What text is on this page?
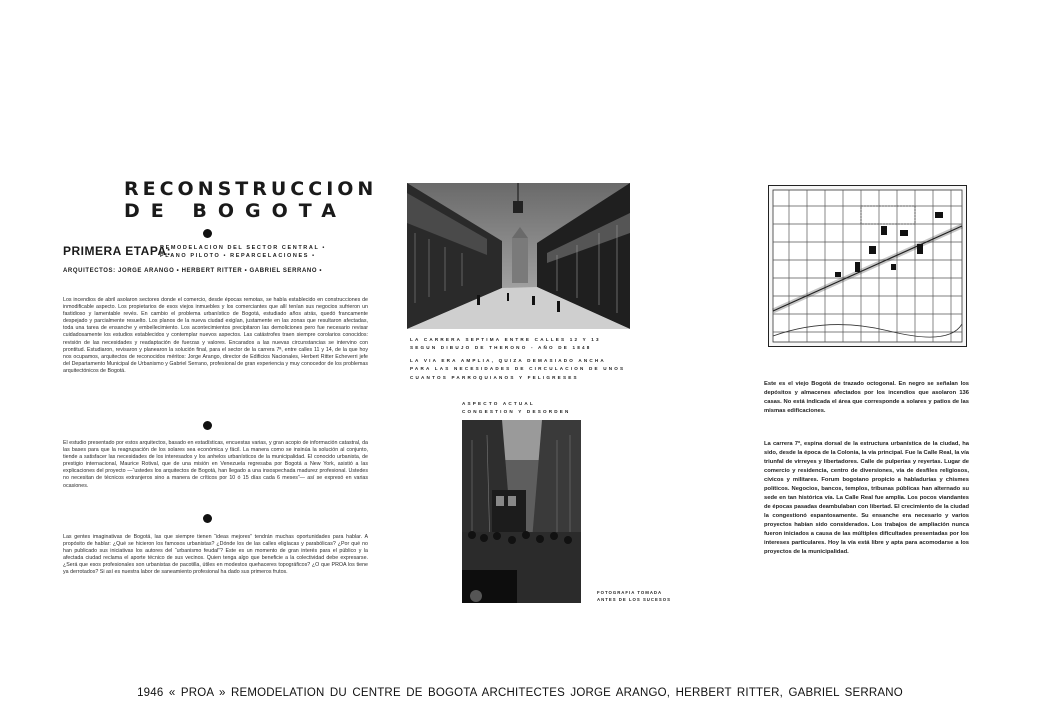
RECONSTRUCCION
DE BOGOTA
PRIMERA ETAPA:
REMODELACION DEL SECTOR CENTRAL •
PLANO PILOTO • REPARCELACIONES •
ARQUITECTOS: JORGE ARANGO • HERBERT RITTER • GABRIEL SERRANO •
Los incendios de abril asolaron sectores donde el comercio, desde épocas remotas, se había establecido en construcciones de inmodificable aspecto. Los propietarios de esos viejos inmuebles y los comerciantes que allí tenían sus negocios sufrieron un fastidioso y lamentable revés. En cambio el problema urbanístico de Bogotá, estudiado años atrás, quedó francamente despejado y parcialmente resuelto. Los planos de la nueva ciudad exigían, justamente en las zonas que resultaron afectadas, toda una tarea de ensanche y embellecimiento. Los acontecimientos precipitaron las demoliciones pero fue necesario revisar cuidadosamente los estudios establecidos y contemplar nuevos aspectos. Las catástrofes traen siempre corolarios conocidos: revisión de las necesidades y readaptación de fuerzas y valores. Encarados a las nuevas circunstancias se intervino con prontitud. Estudiaron, revisaron y planearon la solución final, para el sector de la carrera 7ª, entre calles 11 y 14, de la que hoy nos ocupamos, arquitectos de reconocidos méritos: Jorge Arango, director de Edificios Nacionales, Herbert Ritter Echeverri jefe del Departamento Municipal de Urbanismo y Gabriel Serrano, profesional de gran experiencia y muy conocedor de los problemas arquitectónicos de Bogotá.
El estudio presentado por estos arquitectos, basado en estadísticas, encuestas varias, y gran acopio de información catastral, da las bases para que la reagrupación de los solares sea económica y fácil. La manera como se insinúa la solución al conjunto, tiende a satisfacer las necesidades de los interesados y los anhelos urbanísticos de la municipalidad. El conocido urbanista, de prestigio internacional, Maurice Rotival, que de una misión en Venezuela regresaba por Bogotá a New York, asistió a las explicaciones del proyecto —“ustedes los arquitectos de Bogotá, han llegado a una insospechada madurez profesional. Ustedes no necesitan de técnicos extranjeros sino a manera de críticos por 10 ó 15 días cada 6 meses”— así se expresó en varias ocasiones.
Las gentes imaginativas de Bogotá, las que siempre tienen “ideas mejores” tendrán muchas oportunidades para hablar. A propósito de hablar: ¿Qué se hicieron los famosos urbanistas? ¿Dónde los de las calles eligíacas y parabólicas? ¿Por qué no han publicado sus iniciativas los autores del “urbanismo feudal”? Este es un momento de gran interés para el público y la afectada ciudad reclama el aporte técnico de sus vecinos. Quien tenga algo que beneficie a la colectividad debe expresarse. ¿Será que esos profesionales son urbanistas de pacotilla, útiles en modestos quehaceres topográficos? ¿O que PROA los tiene ya derrotados? Si así es nuestra labor de saneamiento profesional ha dado sus primeros frutos.
LA CARRERA SEPTIMA ENTRE CALLES 12 Y 13
SEGUN DIBUJO DE THERONO - AÑO DE 1848
LA VIA ERA AMPLIA, QUIZA DEMASIADO ANCHA
PARA LAS NECESIDADES DE CIRCULACION DE UNOS
CUANTOS PARROQUIANOS Y FELIGRESES
ASPECTO ACTUAL
CONGESTION Y DESORDEN
FOTOGRAFIA TOMADA
ANTES DE LOS SUCESOS
Este es el viejo Bogotá de trazado octogonal. En negro se señalan los depósitos y almacenes afectados por los incendios que asolaron 136 casas. No está indicada el área que corresponde a solares y patios de las mismas edificaciones.
La carrera 7ª, espina dorsal de la estructura urbanística de la ciudad, ha sido, desde la época de la Colonia, la vía principal. Fue la Calle Real, la vía triunfal de virreyes y libertadores. Calle de pulperías y reyertas. Lugar de comercio y residencia, centro de diversiones, vía de desfiles religiosos, cívicos y militares. Forum bogotano propicio a habladurías y chismes políticos. Negocios, bancos, templos, tribunas públicas han alternado su sede en tan histórica vía. La Calle Real fue amplia. Los pocos viandantes de épocas pasadas deambulaban con libertad. El crecimiento de la ciudad la congestionó espantosamente. Su ensanche era necesario y varios proyectos habían sido considerados. Los trabajos de ampliación nunca fueron iniciados a causa de las múltiples dificultades presentadas por los intereses particulares. Hoy la vía está libre y apta para acomodarse a los proyectos de la municipalidad.
1946 « PROA » REMODELATION DU CENTRE DE BOGOTA ARCHITECTES JORGE ARANGO, HERBERT RITTER, GABRIEL SERRANO
